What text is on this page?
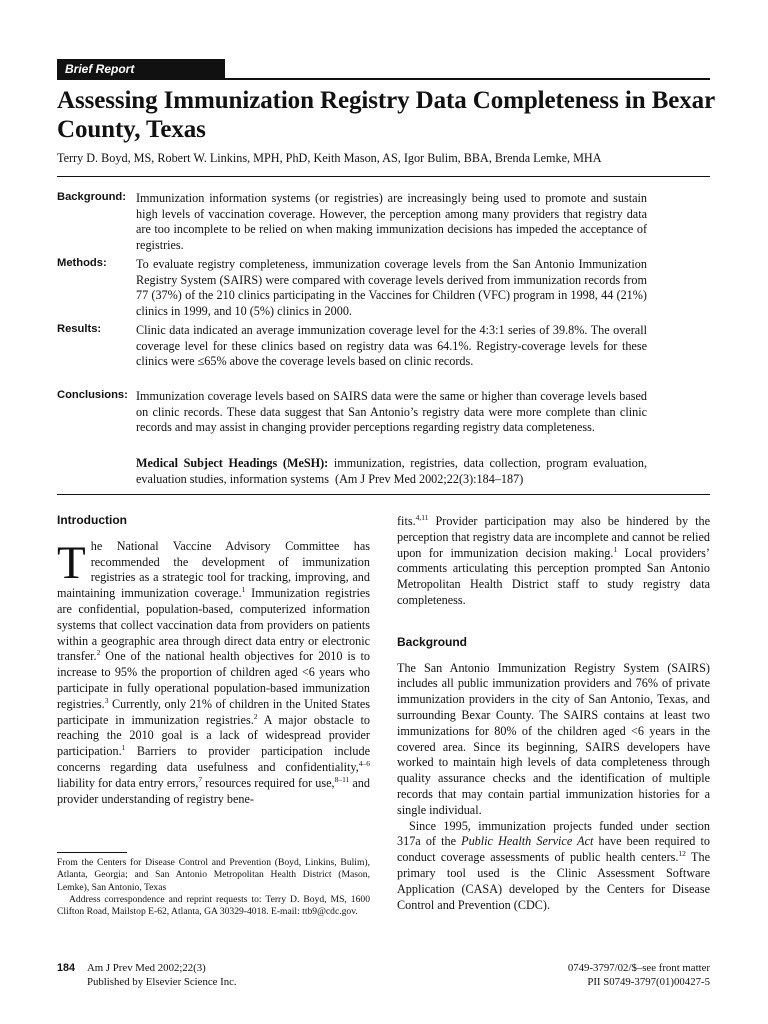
Brief Report
Assessing Immunization Registry Data Completeness in Bexar County, Texas
Terry D. Boyd, MS, Robert W. Linkins, MPH, PhD, Keith Mason, AS, Igor Bulim, BBA, Brenda Lemke, MHA
Background: Immunization information systems (or registries) are increasingly being used to promote and sustain high levels of vaccination coverage. However, the perception among many providers that registry data are too incomplete to be relied on when making immunization decisions has impeded the acceptance of registries.
Methods:	To evaluate registry completeness, immunization coverage levels from the San Antonio Immunization Registry System (SAIRS) were compared with coverage levels derived from immunization records from 77 (37%) of the 210 clinics participating in the Vaccines for Children (VFC) program in 1998, 44 (21%) clinics in 1999, and 10 (5%) clinics in 2000.
Results:	Clinic data indicated an average immunization coverage level for the 4:3:1 series of 39.8%. The overall coverage level for these clinics based on registry data was 64.1%. Registry-coverage levels for these clinics were ≤65% above the coverage levels based on clinic records.
Conclusions: Immunization coverage levels based on SAIRS data were the same or higher than coverage levels based on clinic records. These data suggest that San Antonio’s registry data were more complete than clinic records and may assist in changing provider perceptions regarding registry data completeness.
Medical Subject Headings (MeSH): immunization, registries, data collection, program evaluation, evaluation studies, information systems (Am J Prev Med 2002;22(3):184–187)

Introduction

The National Vaccine Advisory Committee has recommended the development of immunization registries as a strategic tool for tracking, improving, and maintaining immunization coverage.$^1$ Immunization registries are confidential, population-based, computerized information systems that collect vaccination data from providers on patients within a geographic area through direct data entry or electronic transfer.$^2$ One of the national health objectives for 2010 is to increase to 95% the proportion of children aged <6 years who participate in fully operational population-based immunization registries.$^3$ Currently, only 21% of children in the United States participate in immunization registries.$^2$ A major obstacle to reaching the 2010 goal is a lack of widespread provider participation.$^1$ Barriers to provider participation include concerns regarding data usefulness and confidentiality,$^{4-6}$ liability for data entry errors,$^7$ resources required for use,$^{8-11}$ and provider understanding of registry bene-

fits.$^{4,11}$ Provider participation may also be hindered by the perception that registry data are incomplete and cannot be relied upon for immunization decision making.$^1$ Local providers’ comments articulating this perception prompted San Antonio Metropolitan Health District staff to study registry data completeness.

Background

The San Antonio Immunization Registry System (SAIRS) includes all public immunization providers and 76% of private immunization providers in the city of San Antonio, Texas, and surrounding Bexar County. The SAIRS contains at least two immunizations for 80% of the children aged <6 years in the covered area. Since its beginning, SAIRS developers have worked to maintain high levels of data completeness through quality assurance checks and the identification of multiple records that may contain partial immunization histories for a single individual.

Since 1995, immunization projects funded under section 317a of the Public Health Service Act have been required to conduct coverage assessments of public health centers.$^{12}$ The primary tool used is the Clinic Assessment Software Application (CASA) developed by the Centers for Disease Control and Prevention (CDC).

From the Centers for Disease Control and Prevention (Boyd, Linkins, Bulim), Atlanta, Georgia; and San Antonio Metropolitan Health District (Mason, Lemke), San Antonio, Texas

Address correspondence and reprint requests to: Terry D. Boyd, MS, 1600 Clifton Road, Mailstop E-62, Atlanta, GA 30329-4018. E-mail: ttb9@cdc.gov.

184 Am J Prev Med 2002;22(3)
Published by Elsevier Science Inc.
0749-3797/02/$–see front matter
PII S0749-3797(01)00427-5
